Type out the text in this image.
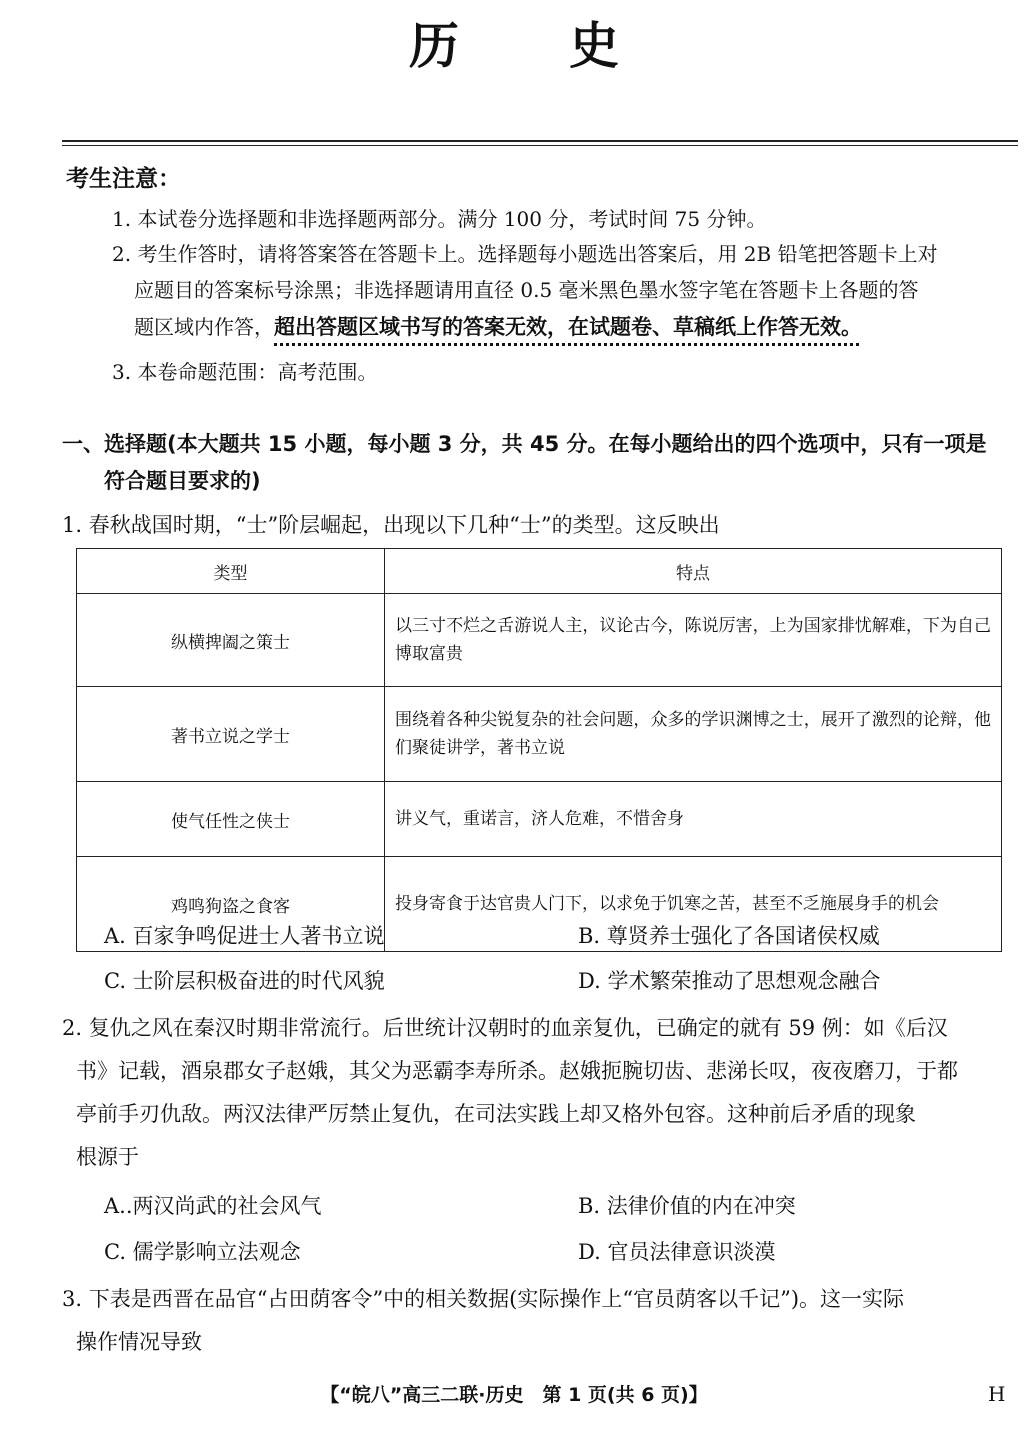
历史
考生注意：
1. 本试卷分选择题和非选择题两部分。满分 100 分，考试时间 75 分钟。
2. 考生作答时，请将答案答在答题卡上。选择题每小题选出答案后，用 2B 铅笔把答题卡上对
应题目的答案标号涂黑；非选择题请用直径 0.5 毫米黑色墨水签字笔在答题卡上各题的答
题区域内作答，超出答题区域书写的答案无效，在试题卷、草稿纸上作答无效。
3. 本卷命题范围：高考范围。
一、选择题(本大题共 15 小题，每小题 3 分，共 45 分。在每小题给出的四个选项中，只有一项是
符合题目要求的)
1. 春秋战国时期，“士”阶层崛起，出现以下几种“士”的类型。这反映出
类型	特点
纵横捭阖之策士	以三寸不烂之舌游说人主，议论古今，陈说厉害，上为国家排忧解难，下为自己博取富贵
著书立说之学士	围绕着各种尖锐复杂的社会问题，众多的学识渊博之士，展开了激烈的论辩，他们聚徒讲学，著书立说
使气任性之侠士	讲义气，重诺言，济人危难，不惜舍身
鸡鸣狗盗之食客	投身寄食于达官贵人门下，以求免于饥寒之苦，甚至不乏施展身手的机会
A. 百家争鸣促进士人著书立说	B. 尊贤养士强化了各国诸侯权威
C. 士阶层积极奋进的时代风貌	D. 学术繁荣推动了思想观念融合
2. 复仇之风在秦汉时期非常流行。后世统计汉朝时的血亲复仇，已确定的就有 59 例：如《后汉
书》记载，酒泉郡女子赵娥，其父为恶霸李寿所杀。赵娥扼腕切齿、悲涕长叹，夜夜磨刀，于都
亭前手刃仇敌。两汉法律严厉禁止复仇，在司法实践上却又格外包容。这种前后矛盾的现象
根源于
A..两汉尚武的社会风气	B. 法律价值的内在冲突
C. 儒学影响立法观念	D. 官员法律意识淡漠
3. 下表是西晋在品官“占田荫客令”中的相关数据(实际操作上“官员荫客以千记”)。这一实际
操作情况导致
【“皖八”高三二联·历史　第 1 页(共 6 页)】	H
